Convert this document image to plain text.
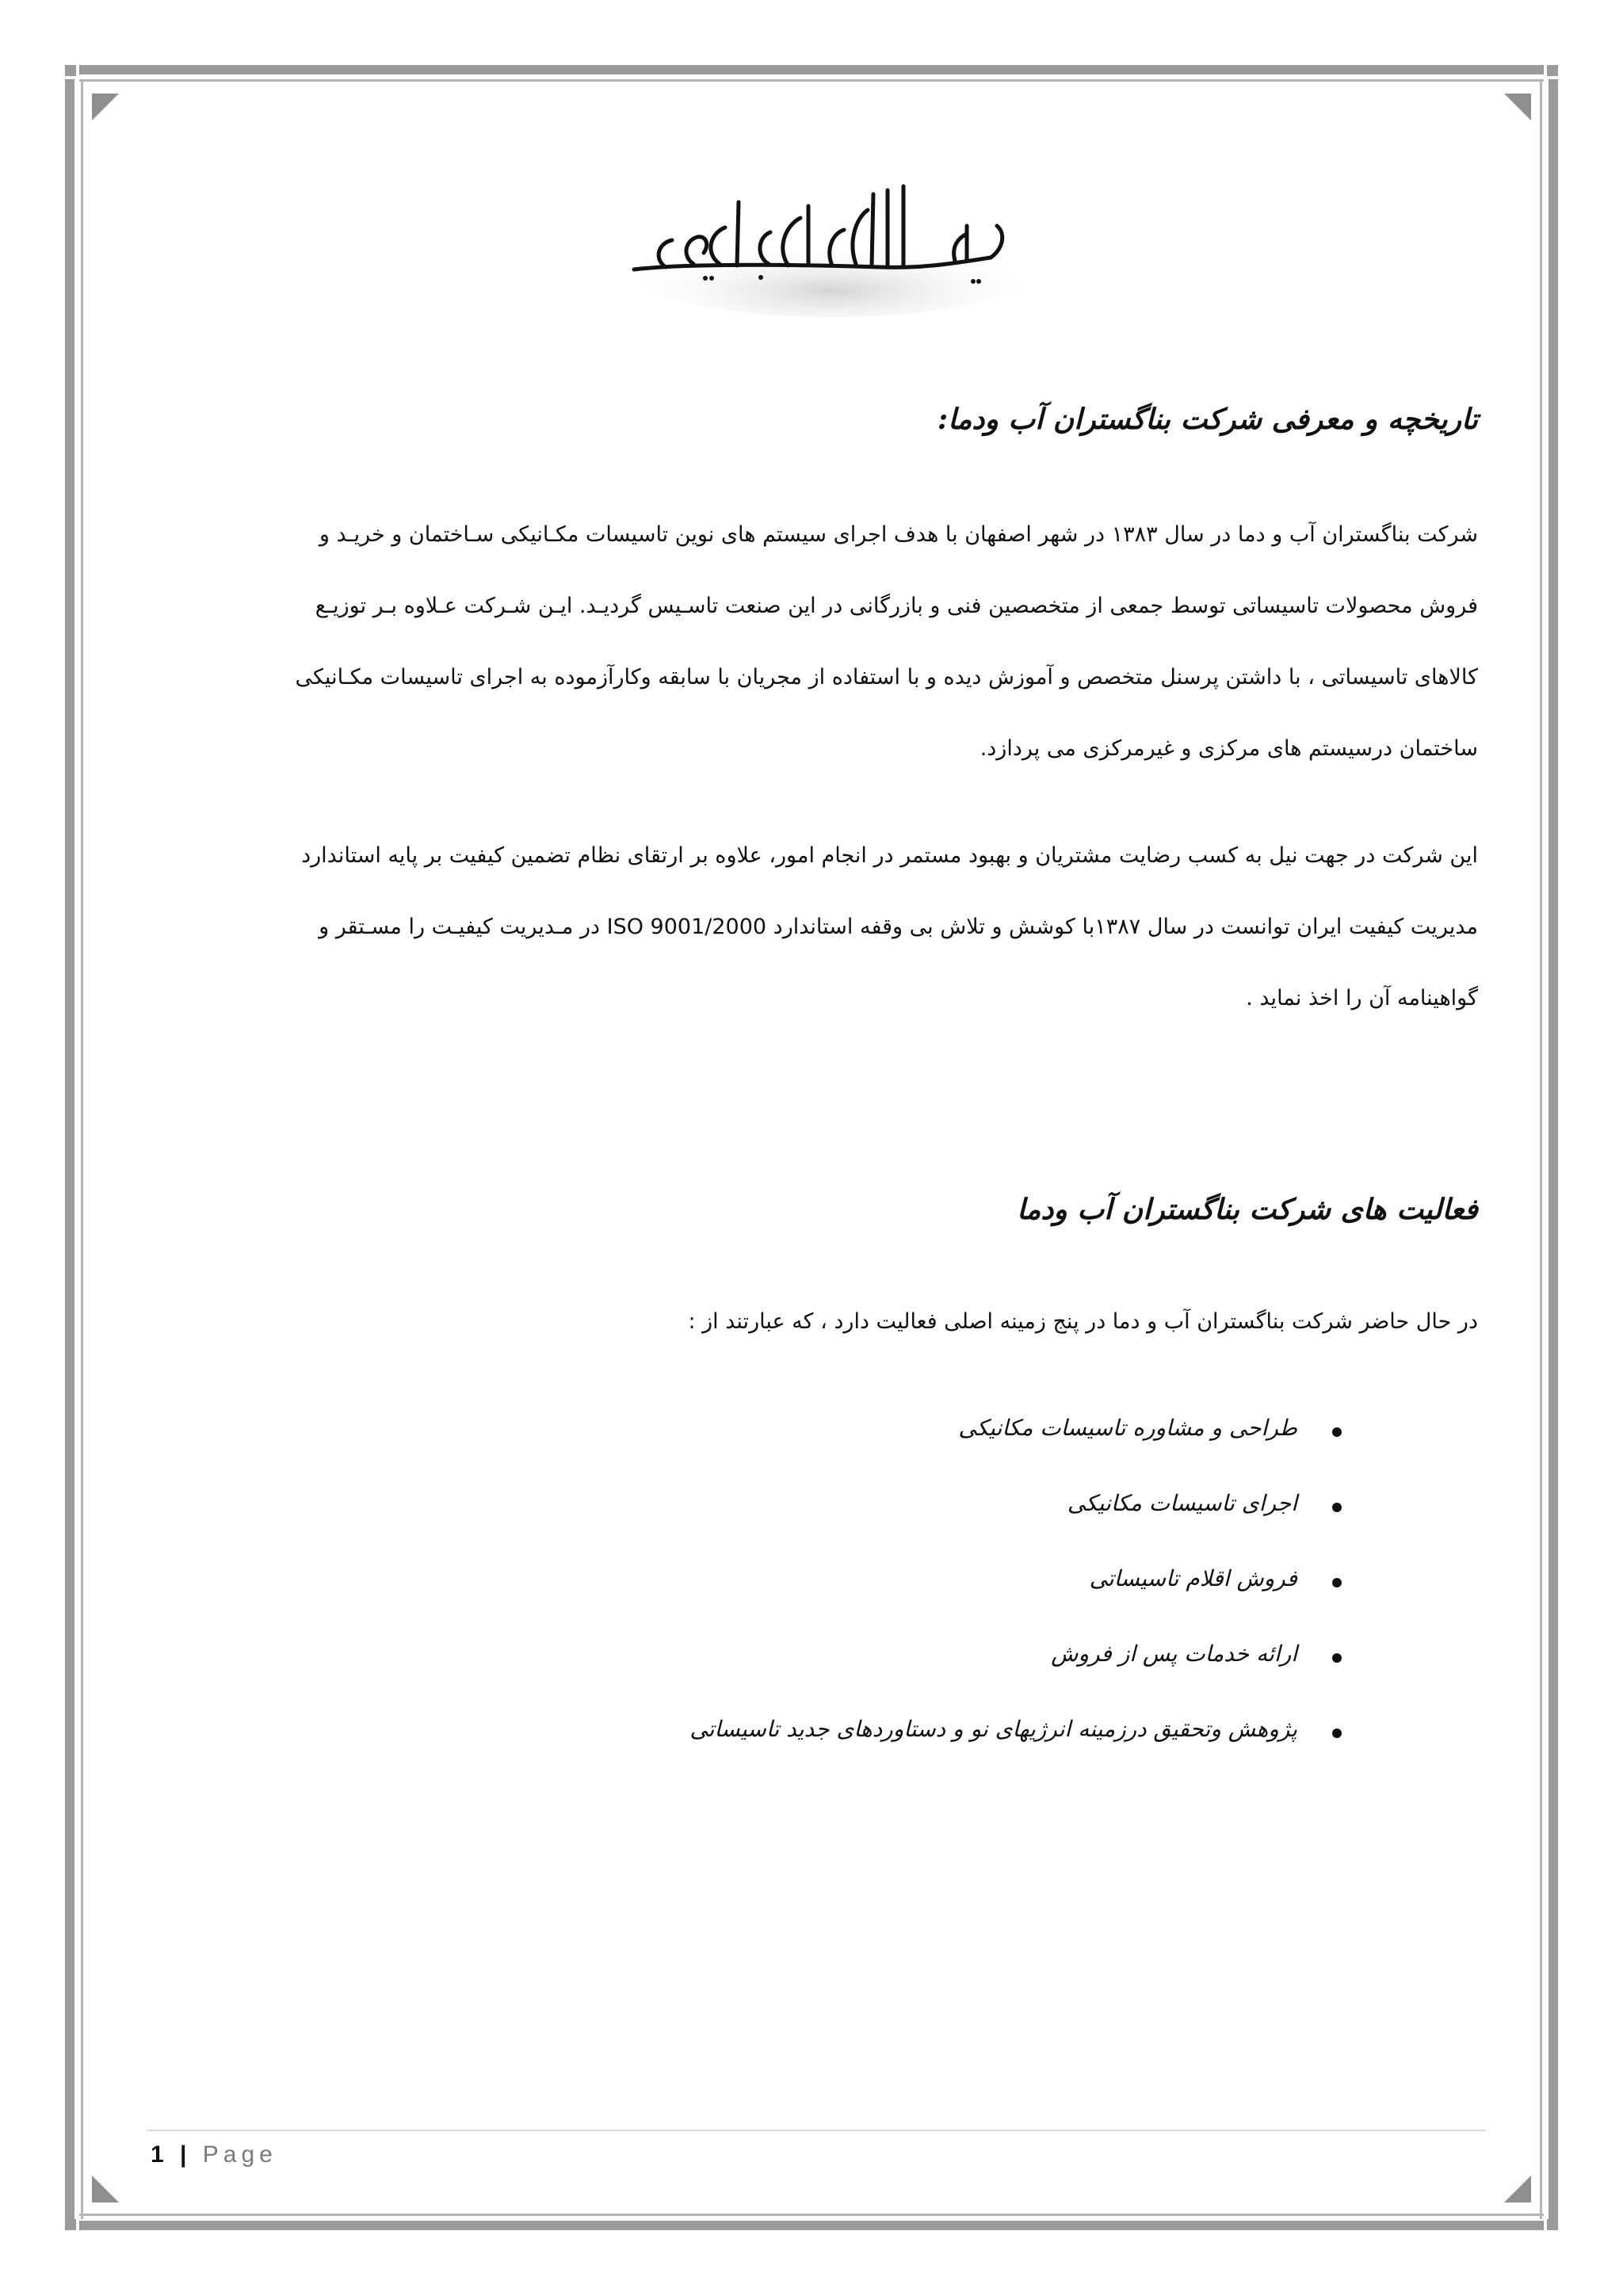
تاریخچه و معرفی شرکت بناگستران آب ودما:
شرکت بناگستران آب و دما در سال ۱۳۸۳ در شهر اصفهان با هدف اجرای سیستم های نوین تاسیسات مکـانیکی سـاختمان و خریـد و
فروش محصولات تاسیساتی توسط جمعی از متخصصین فنی و بازرگانی در این صنعت تاسـیس گردیـد. ایـن شـرکت عـلاوه بـر توزیـع
کالاهای تاسیساتی ، با داشتن پرسنل متخصص و آموزش دیده و با استفاده از مجریان با سابقه وکارآزموده به اجرای تاسیسات مکـانیکی
ساختمان درسیستم های مرکزی و غیرمرکزی می پردازد.
این شرکت در جهت نیل به کسب رضایت مشتریان و بهبود مستمر در انجام امور، علاوه بر ارتقای نظام تضمین کیفیت بر پایه استاندارد
مدیریت کیفیت ایران توانست در سال ۱۳۸۷با کوشش و تلاش بی وقفه استاندارد ISO 9001/2000 در مـدیریت کیفیـت را مسـتقر و
گواهینامه آن را اخذ نماید .
فعالیت های شرکت بناگستران آب ودما
در حال حاضر شرکت بناگستران آب و دما در پنج زمینه اصلی فعالیت دارد ، که عبارتند از :
طراحی و مشاوره تاسیسات مکانیکی
اجرای تاسیسات مکانیکی
فروش اقلام تاسیساتی
ارائه خدمات پس از فروش
پژوهش وتحقیق درزمینه انرژیهای نو و دستاوردهای جدید تاسیساتی
1 | Page
